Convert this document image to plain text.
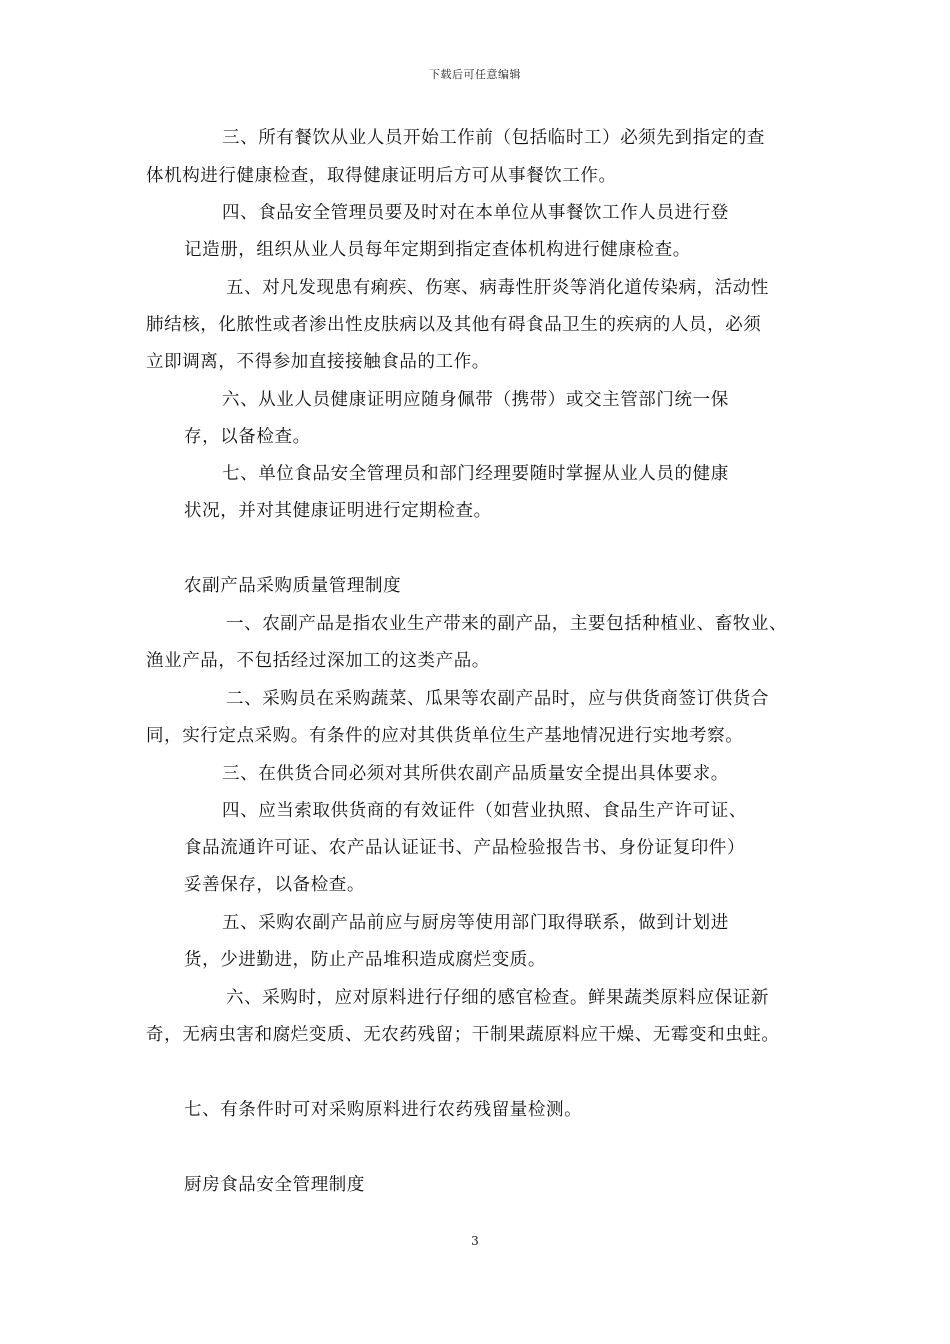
下载后可任意编辑
三、所有餐饮从业人员开始工作前（包括临时工）必须先到指定的查
体机构进行健康检查，取得健康证明后方可从事餐饮工作。
四、食品安全管理员要及时对在本单位从事餐饮工作人员进行登
记造册，组织从业人员每年定期到指定查体机构进行健康检查。
五、对凡发现患有痢疾、伤寒、病毒性肝炎等消化道传染病，活动性
肺结核，化脓性或者渗出性皮肤病以及其他有碍食品卫生的疾病的人员，必须
立即调离，不得参加直接接触食品的工作。
六、从业人员健康证明应随身佩带（携带）或交主管部门统一保
存，以备检查。
七、单位食品安全管理员和部门经理要随时掌握从业人员的健康
状况，并对其健康证明进行定期检查。
农副产品采购质量管理制度
一、农副产品是指农业生产带来的副产品，主要包括种植业、畜牧业、
渔业产品，不包括经过深加工的这类产品。
二、采购员在采购蔬菜、瓜果等农副产品时，应与供货商签订供货合
同，实行定点采购。有条件的应对其供货单位生产基地情况进行实地考察。
三、在供货合同必须对其所供农副产品质量安全提出具体要求。
四、应当索取供货商的有效证件（如营业执照、食品生产许可证、
食品流通许可证、农产品认证证书、产品检验报告书、身份证复印件）
妥善保存，以备检查。
五、采购农副产品前应与厨房等使用部门取得联系，做到计划进
货，少进勤进，防止产品堆积造成腐烂变质。
六、采购时，应对原料进行仔细的感官检查。鲜果蔬类原料应保证新
奇，无病虫害和腐烂变质、无农药残留；干制果蔬原料应干燥、无霉变和虫蛀。
七、有条件时可对采购原料进行农药残留量检测。
厨房食品安全管理制度
3
